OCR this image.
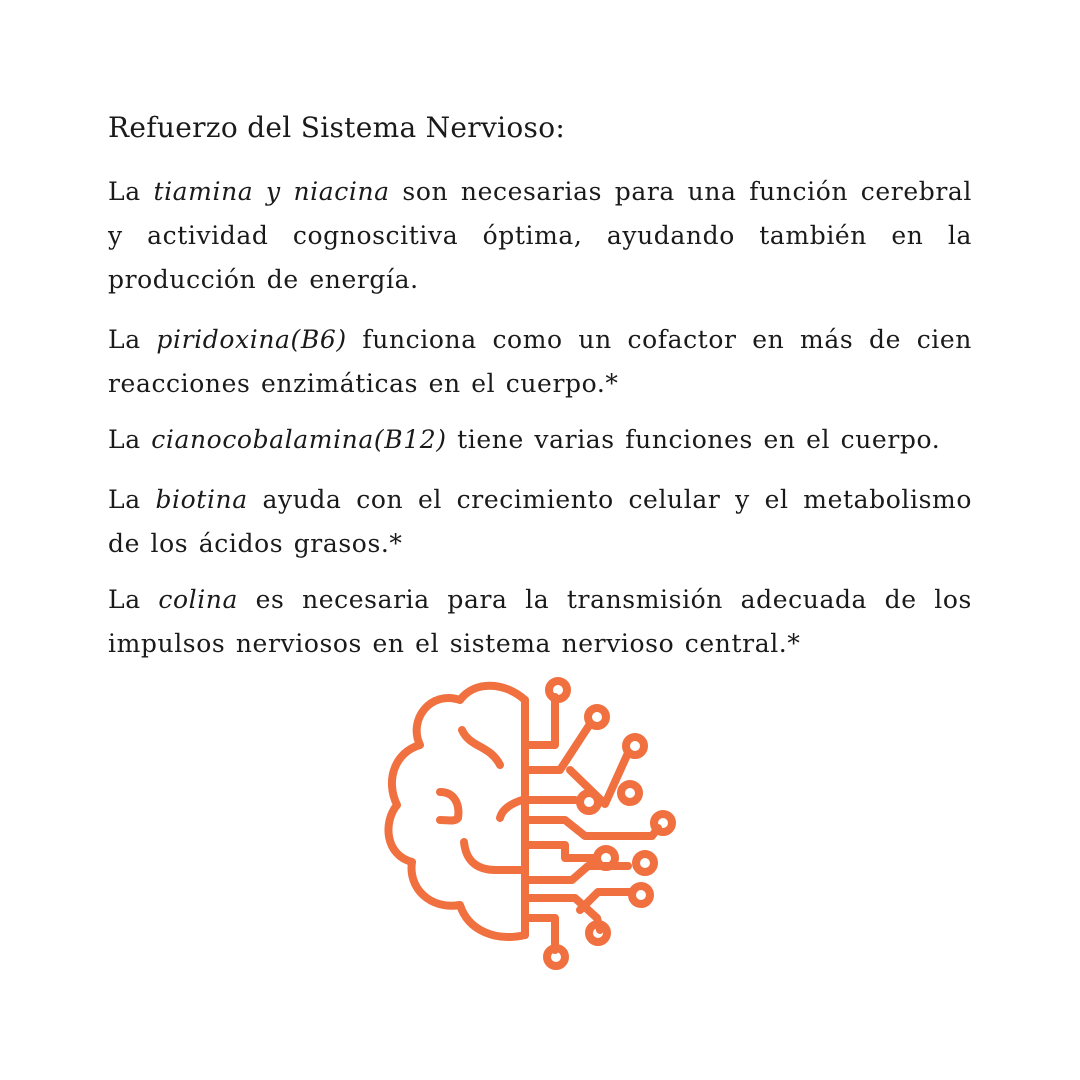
Refuerzo del Sistema Nervioso:

La tiamina y niacina son necesarias para una función cerebral y actividad cognoscitiva óptima, ayudando también en la producción de energía.

La piridoxina(B6) funciona como un cofactor en más de cien reacciones enzimáticas en el cuerpo.*

La cianocobalamina(B12) tiene varias funciones en el cuerpo.

La biotina ayuda con el crecimiento celular y el metabolismo de los ácidos grasos.*

La colina es necesaria para la transmisión adecuada de los impulsos nerviosos en el sistema nervioso central.*
